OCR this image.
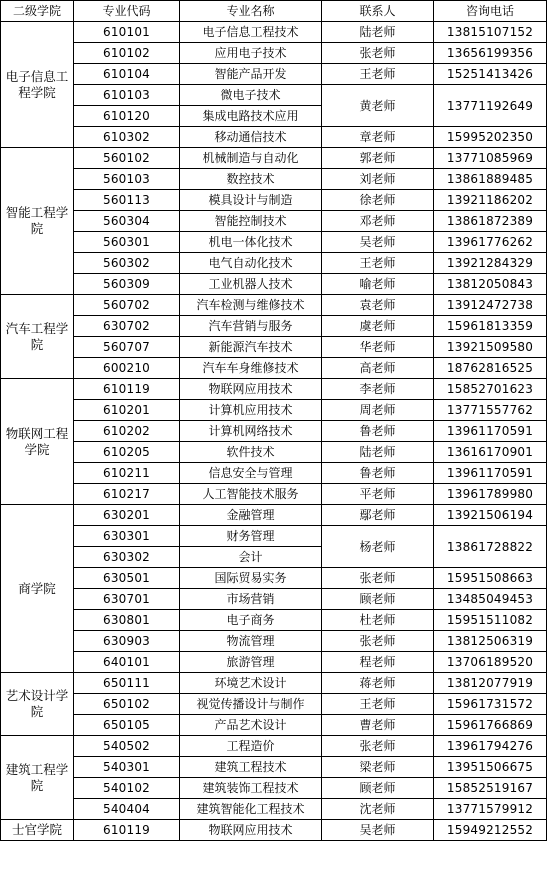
二级学院	专业代码	专业名称	联系人	咨询电话
电子信息工程学院	610101	电子信息工程技术	陆老师	13815107152
	610102	应用电子技术	张老师	13656199356
	610104	智能产品开发	王老师	15251413426
	610103	微电子技术	黄老师	13771192649
	610120	集成电路技术应用		
	610302	移动通信技术	章老师	15995202350
智能工程学院	560102	机械制造与自动化	郭老师	13771085969
	560103	数控技术	刘老师	13861889485
	560113	模具设计与制造	徐老师	13921186202
	560304	智能控制技术	邓老师	13861872389
	560301	机电一体化技术	吴老师	13961776262
	560302	电气自动化技术	王老师	13921284329
	560309	工业机器人技术	喻老师	13812050843
汽车工程学院	560702	汽车检测与维修技术	袁老师	13912472738
	630702	汽车营销与服务	虞老师	15961813359
	560707	新能源汽车技术	华老师	13921509580
	600210	汽车车身维修技术	高老师	18762816525
物联网工程学院	610119	物联网应用技术	李老师	15852701623
	610201	计算机应用技术	周老师	13771557762
	610202	计算机网络技术	鲁老师	13961170591
	610205	软件技术	陆老师	13616170901
	610211	信息安全与管理	鲁老师	13961170591
	610217	人工智能技术服务	平老师	13961789980
商学院	630201	金融管理	鄢老师	13921506194
	630301	财务管理	杨老师	13861728822
	630302	会计		
	630501	国际贸易实务	张老师	15951508663
	630701	市场营销	顾老师	13485049453
	630801	电子商务	杜老师	15951511082
	630903	物流管理	张老师	13812506319
	640101	旅游管理	程老师	13706189520
艺术设计学院	650111	环境艺术设计	蒋老师	13812077919
	650102	视觉传播设计与制作	王老师	15961731572
	650105	产品艺术设计	曹老师	15961766869
建筑工程学院	540502	工程造价	张老师	13961794276
	540301	建筑工程技术	梁老师	13951506675
	540102	建筑装饰工程技术	顾老师	15852519167
	540404	建筑智能化工程技术	沈老师	13771579912
士官学院	610119	物联网应用技术	吴老师	15949212552
